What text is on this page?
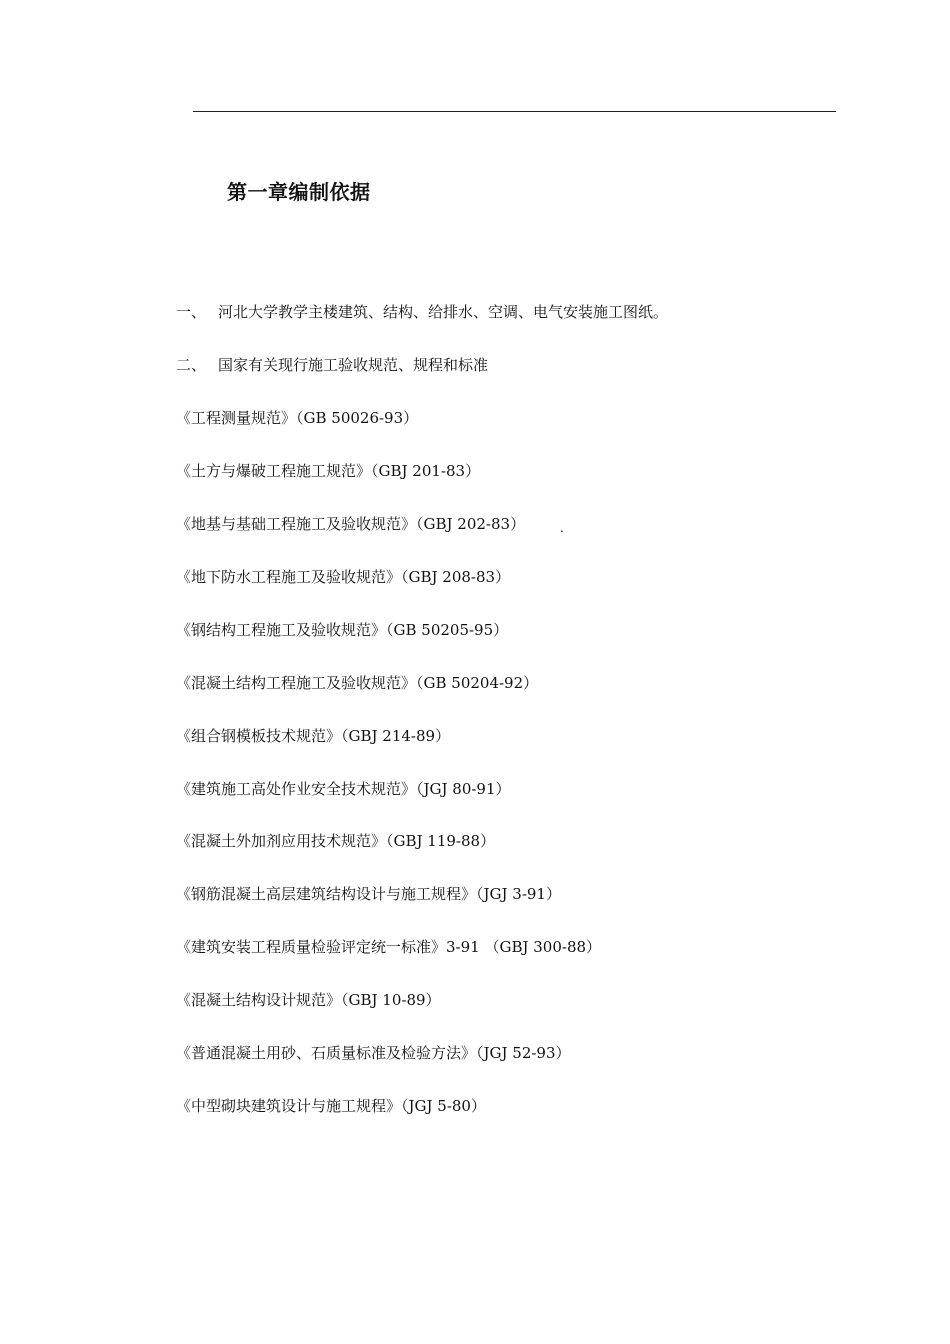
第一章编制依据
一、 河北大学教学主楼建筑、结构、给排水、空调、电气安装施工图纸。
二、 国家有关现行施工验收规范、规程和标准
《工程测量规范》（GB 50026-93）
《土方与爆破工程施工规范》（GBJ 201-83）
《地基与基础工程施工及验收规范》（GBJ 202-83）	.
《地下防水工程施工及验收规范》（GBJ 208-83）
《钢结构工程施工及验收规范》（GB 50205-95）
《混凝土结构工程施工及验收规范》（GB 50204-92）
《组合钢模板技术规范》（GBJ 214-89）
《建筑施工高处作业安全技术规范》（JGJ 80-91）
《混凝土外加剂应用技术规范》（GBJ 119-88）
《钢筋混凝土高层建筑结构设计与施工规程》（JGJ 3-91）
《建筑安装工程质量检验评定统一标准》3-91 （GBJ 300-88）
《混凝土结构设计规范》（GBJ 10-89）
《普通混凝土用砂、石质量标准及检验方法》（JGJ 52-93）
《中型砌块建筑设计与施工规程》（JGJ 5-80）
